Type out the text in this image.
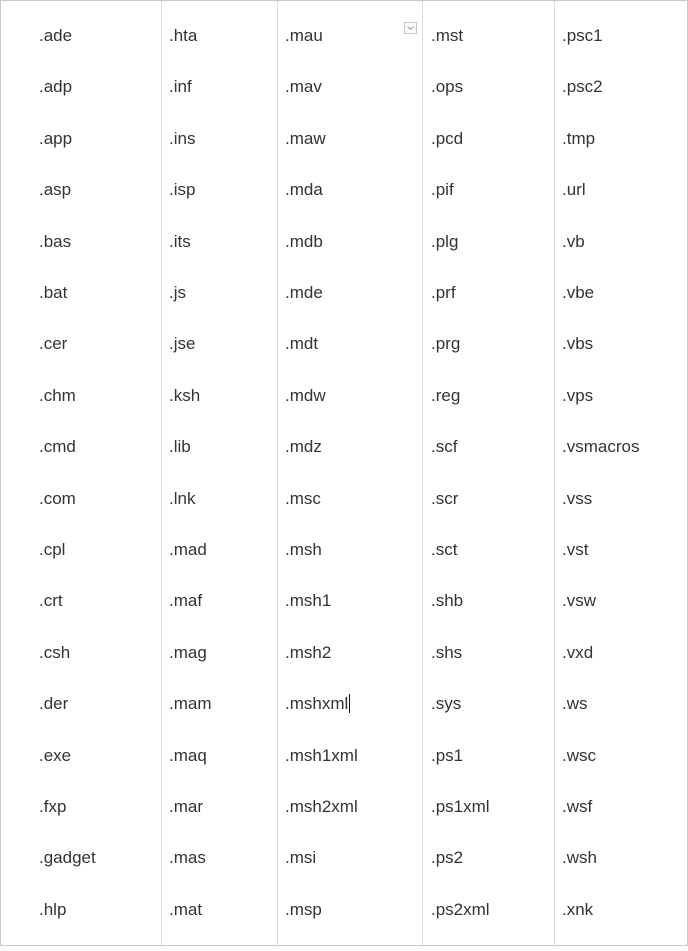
.ade
.adp
.app
.asp
.bas
.bat
.cer
.chm
.cmd
.com
.cpl
.crt
.csh
.der
.exe
.fxp
.gadget
.hlp
.hta
.inf
.ins
.isp
.its
.js
.jse
.ksh
.lib
.lnk
.mad
.maf
.mag
.mam
.maq
.mar
.mas
.mat
.mau
.mav
.maw
.mda
.mdb
.mde
.mdt
.mdw
.mdz
.msc
.msh
.msh1
.msh2
.mshxml
.msh1xml
.msh2xml
.msi
.msp
.mst
.ops
.pcd
.pif
.plg
.prf
.prg
.reg
.scf
.scr
.sct
.shb
.shs
.sys
.ps1
.ps1xml
.ps2
.ps2xml
.psc1
.psc2
.tmp
.url
.vb
.vbe
.vbs
.vps
.vsmacros
.vss
.vst
.vsw
.vxd
.ws
.wsc
.wsf
.wsh
.xnk
